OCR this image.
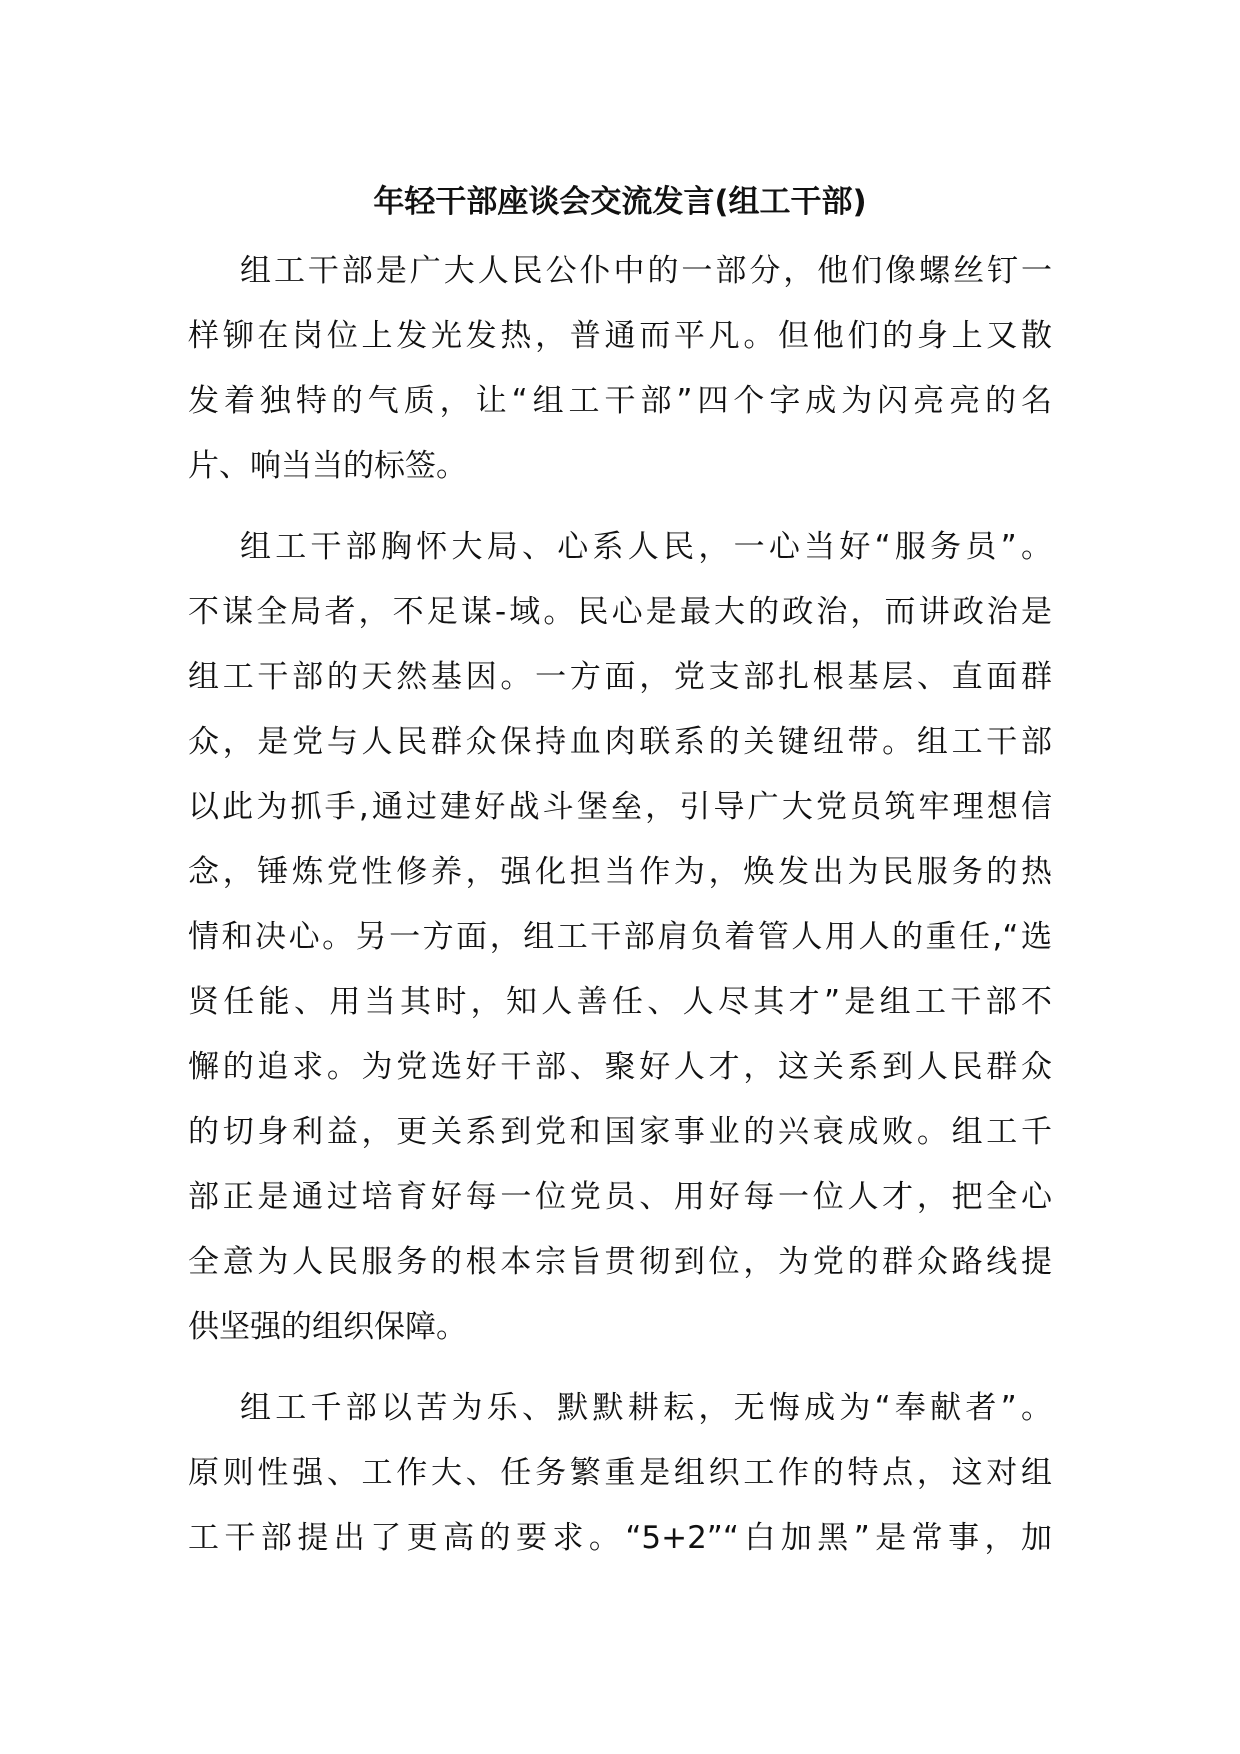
年轻干部座谈会交流发言(组工干部)
组工干部是广大人民公仆中的一部分，他们像螺丝钉一
样铆在岗位上发光发热，普通而平凡。但他们的身上又散
发着独特的气质，让“组工干部”四个字成为闪亮亮的名
片、响当当的标签。
组工干部胸怀大局、心系人民，一心当好“服务员”。
不谋全局者，不足谋-域。民心是最大的政治，而讲政治是
组工干部的天然基因。一方面，党支部扎根基层、直面群
众，是党与人民群众保持血肉联系的关键纽带。组工干部
以此为抓手,通过建好战斗堡垒，引导广大党员筑牢理想信
念，锤炼党性修养，强化担当作为，焕发出为民服务的热
情和决心。另一方面，组工干部肩负着管人用人的重任,“选
贤任能、用当其时，知人善任、人尽其才”是组工干部不
懈的追求。为党选好干部、聚好人才，这关系到人民群众
的切身利益，更关系到党和国家事业的兴衰成败。组工千
部正是通过培育好每一位党员、用好每一位人才，把全心
全意为人民服务的根本宗旨贯彻到位，为党的群众路线提
供坚强的组织保障。
组工千部以苦为乐、默默耕耘，无悔成为“奉献者”。
原则性强、工作大、任务繁重是组织工作的特点，这对组
工干部提出了更高的要求。“5+2”“白加黑”是常事，加
